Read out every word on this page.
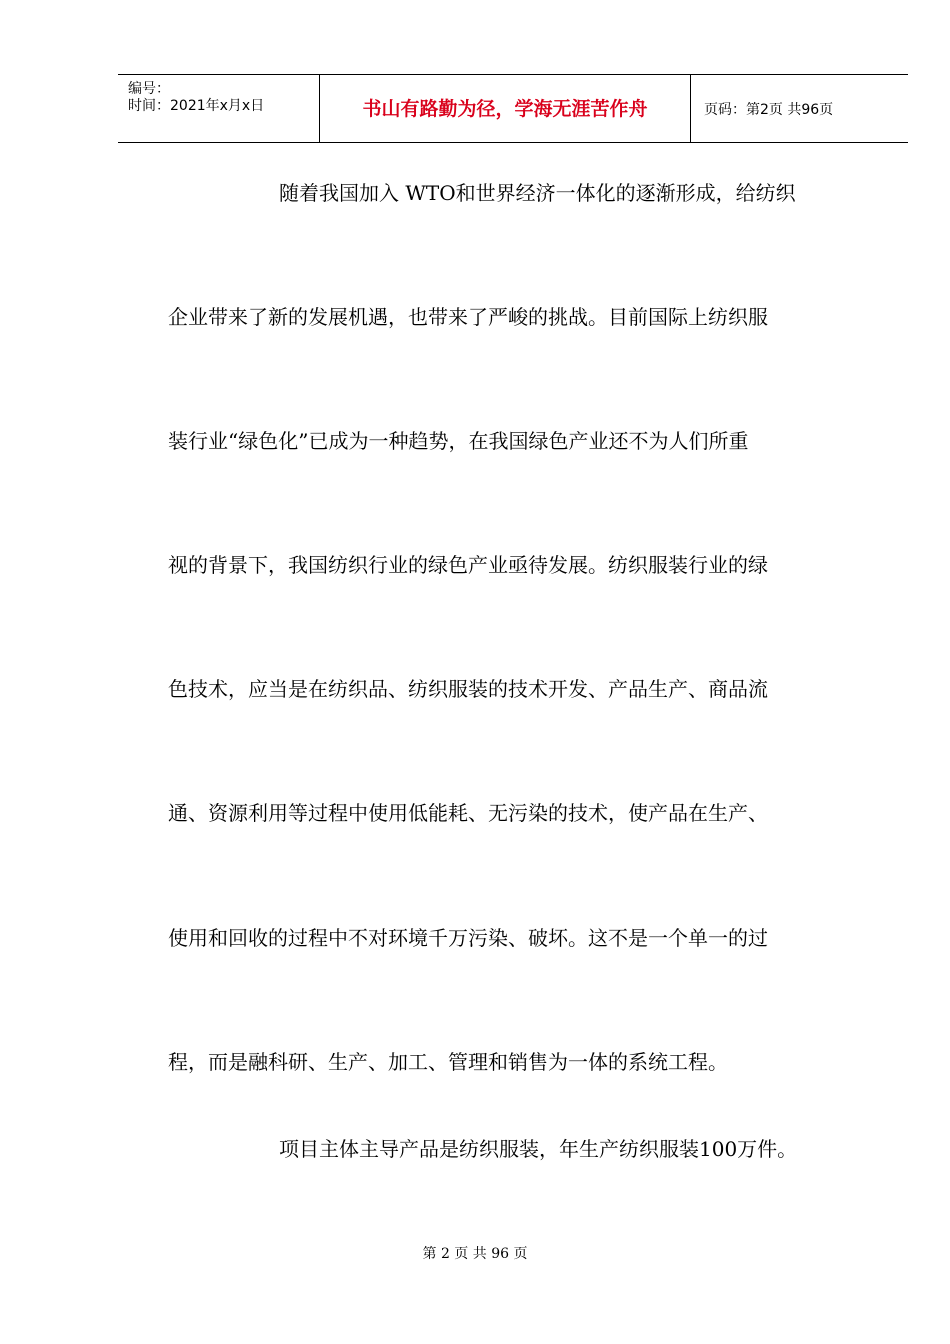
编号：
时间：2021年x月x日	书山有路勤为径，学海无涯苦作舟	页码：第2页 共96页
随着我国加入 WTO和世界经济一体化的逐渐形成，给纺织
企业带来了新的发展机遇，也带来了严峻的挑战。目前国际上纺织服
装行业“绿色化”已成为一种趋势，在我国绿色产业还不为人们所重
视的背景下，我国纺织行业的绿色产业亟待发展。纺织服装行业的绿
色技术，应当是在纺织品、纺织服装的技术开发、产品生产、商品流
通、资源利用等过程中使用低能耗、无污染的技术，使产品在生产、
使用和回收的过程中不对环境千万污染、破坏。这不是一个单一的过
程，而是融科研、生产、加工、管理和销售为一体的系统工程。
项目主体主导产品是纺织服装，年生产纺织服装100万件。
第 2 页 共 96 页
